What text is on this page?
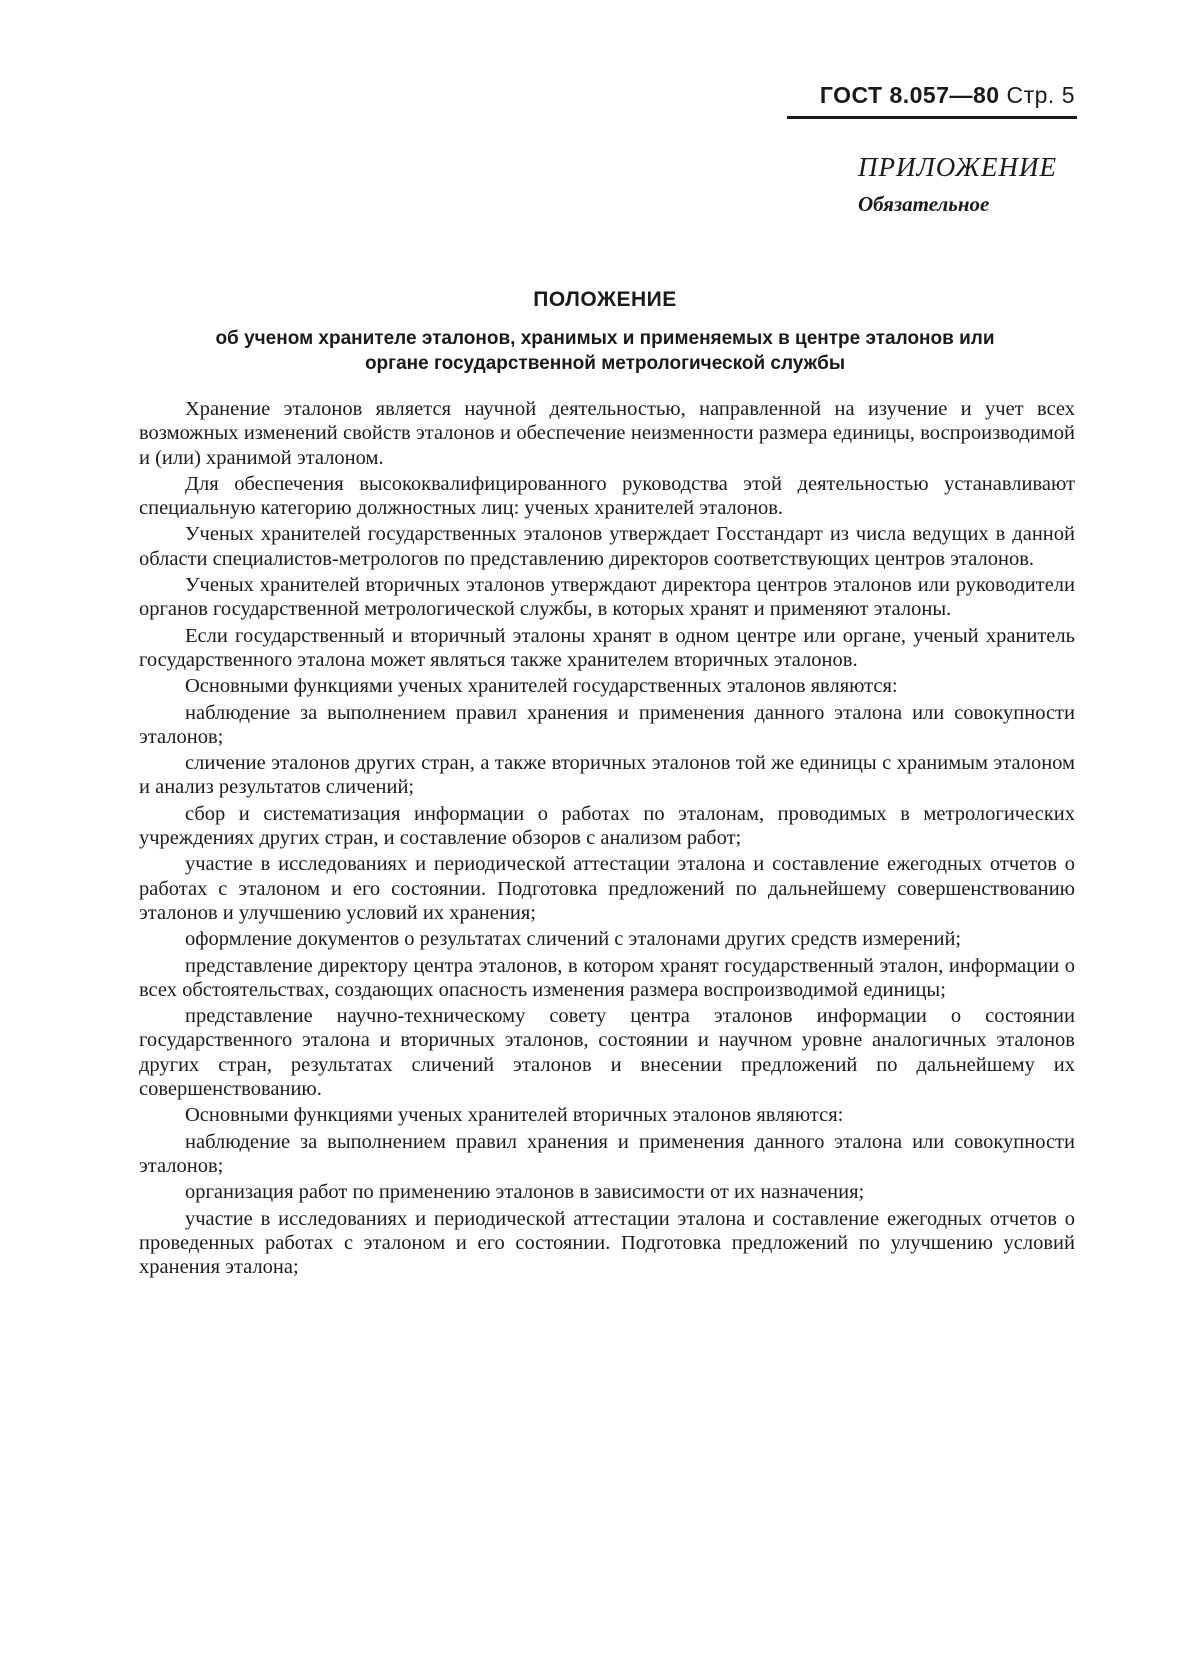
ГОСТ 8.057—80 Стр. 5
ПРИЛОЖЕНИЕ
Обязательное
ПОЛОЖЕНИЕ
об ученом хранителе эталонов, хранимых и применяемых в центре эталонов или органе государственной метрологической службы

Хранение эталонов является научной деятельностью, направленной на изучение и учет всех возможных изменений свойств эталонов и обеспечение неизменности размера единицы, воспроизводимой и (или) хранимой эталоном.

Для обеспечения высококвалифицированного руководства этой деятельностью устанавливают специальную категорию должностных лиц: ученых хранителей эталонов.

Ученых хранителей государственных эталонов утверждает Госстандарт из числа ведущих в данной области специалистов-метрологов по представлению директоров соответствующих центров эталонов.

Ученых хранителей вторичных эталонов утверждают директора центров эталонов или руководители органов государственной метрологической службы, в которых хранят и применяют эталоны.

Если государственный и вторичный эталоны хранят в одном центре или органе, ученый хранитель государственного эталона может являться также хранителем вторичных эталонов.

Основными функциями ученых хранителей государственных эталонов являются:

наблюдение за выполнением правил хранения и применения данного эталона или совокупности эталонов;

сличение эталонов других стран, а также вторичных эталонов той же единицы с хранимым эталоном и анализ результатов сличений;

сбор и систематизация информации о работах по эталонам, проводимых в метрологических учреждениях других стран, и составление обзоров с анализом работ;

участие в исследованиях и периодической аттестации эталона и составление ежегодных отчетов о работах с эталоном и его состоянии. Подготовка предложений по дальнейшему совершенствованию эталонов и улучшению условий их хранения;

оформление документов о результатах сличений с эталонами других средств измерений;

представление директору центра эталонов, в котором хранят государственный эталон, информации о всех обстоятельствах, создающих опасность изменения размера воспроизводимой единицы;

представление научно-техническому совету центра эталонов информации о состоянии государственного эталона и вторичных эталонов, состоянии и научном уровне аналогичных эталонов других стран, результатах сличений эталонов и внесении предложений по дальнейшему их совершенствованию.

Основными функциями ученых хранителей вторичных эталонов являются:

наблюдение за выполнением правил хранения и применения данного эталона или совокупности эталонов;

организация работ по применению эталонов в зависимости от их назначения;

участие в исследованиях и периодической аттестации эталона и составление ежегодных отчетов о проведенных работах с эталоном и его состоянии. Подготовка предложений по улучшению условий хранения эталона;
